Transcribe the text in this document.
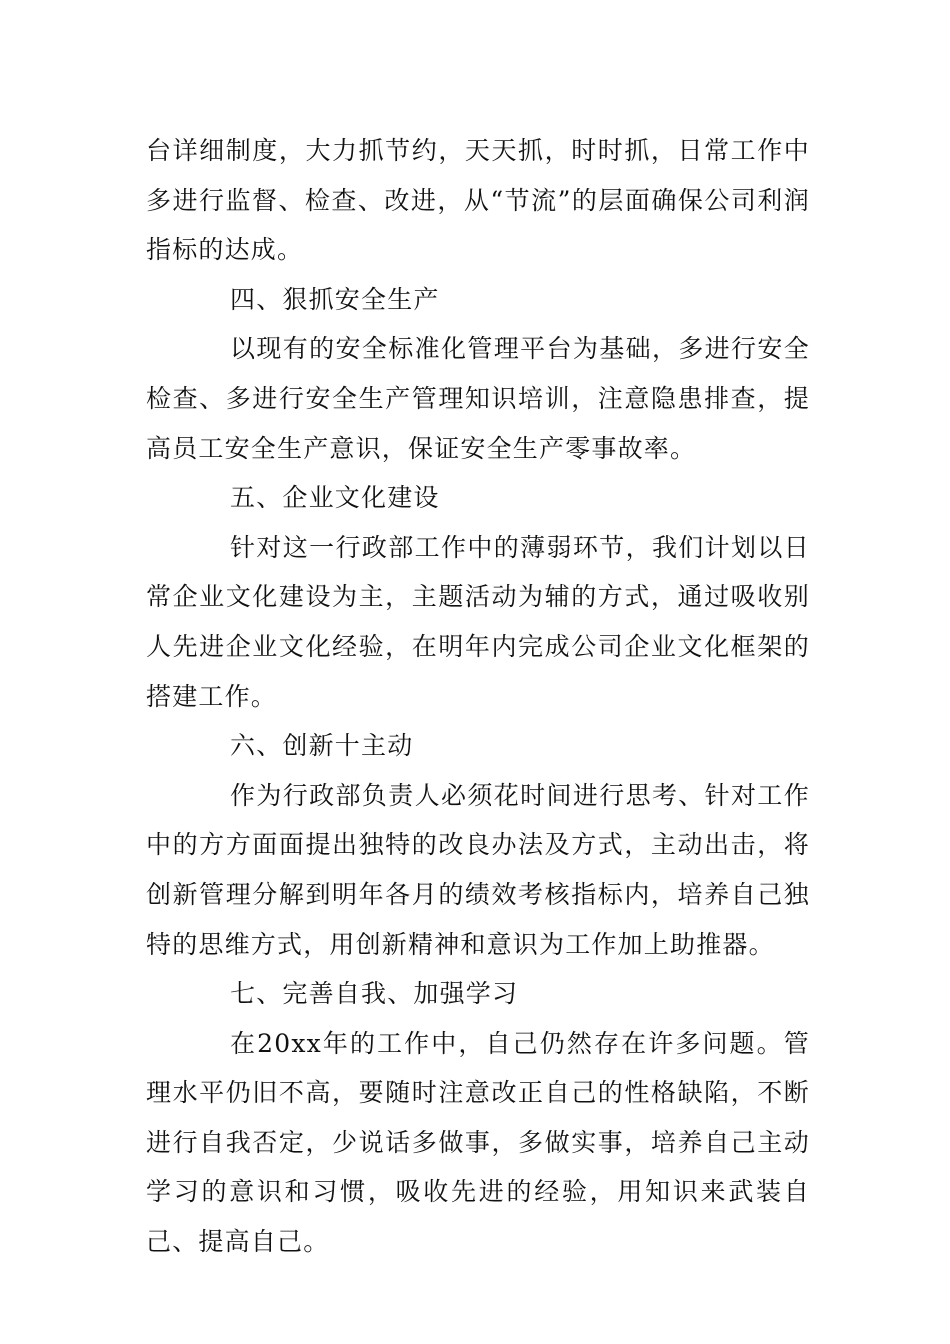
台详细制度，大力抓节约，天天抓，时时抓，日常工作中多进行监督、检查、改进，从“节流”的层面确保公司利润指标的达成。

四、狠抓安全生产

以现有的安全标准化管理平台为基础，多进行安全检查、多进行安全生产管理知识培训，注意隐患排查，提高员工安全生产意识，保证安全生产零事故率。

五、企业文化建设

针对这一行政部工作中的薄弱环节，我们计划以日常企业文化建设为主，主题活动为辅的方式，通过吸收别人先进企业文化经验，在明年内完成公司企业文化框架的搭建工作。

六、创新十主动

作为行政部负责人必须花时间进行思考、针对工作中的方方面面提出独特的改良办法及方式，主动出击，将创新管理分解到明年各月的绩效考核指标内，培养自己独特的思维方式，用创新精神和意识为工作加上助推器。

七、完善自我、加强学习

在20xx年的工作中，自己仍然存在许多问题。管理水平仍旧不高，要随时注意改正自己的性格缺陷，不断进行自我否定，少说话多做事，多做实事，培养自己主动学习的意识和习惯，吸收先进的经验，用知识来武装自己、提高自己。
